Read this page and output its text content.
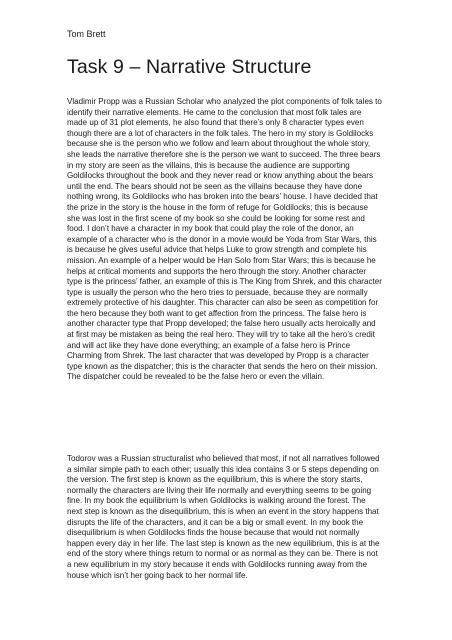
Tom Brett
Task 9 – Narrative Structure

Vladimir Propp was a Russian Scholar who analyzed the plot components of folk tales to identify their narrative elements. He came to the conclusion that most folk tales are made up of 31 plot elements, he also found that there’s only 8 character types even though there are a lot of characters in the folk tales. The hero in my story is Goldilocks because she is the person who we follow and learn about throughout the whole story, she leads the narrative therefore she is the person we want to succeed. The three bears in my story are seen as the villains, this is because the audience are supporting Goldilocks throughout the book and they never read or know anything about the bears until the end. The bears should not be seen as the villains because they have done nothing wrong, its Goldilocks who has broken into the bears’ house. I have decided that the prize in the story is the house in the form of refuge for Goldilocks; this is because she was lost in the first scene of my book so she could be looking for some rest and food. I don’t have a character in my book that could play the role of the donor, an example of a character who is the donor in a movie would be Yoda from Star Wars, this is because he gives useful advice that helps Luke to grow strength and complete his mission. An example of a helper would be Han Solo from Star Wars; this is because he helps at critical moments and supports the hero through the story. Another character type is the princess’ father, an example of this is The King from Shrek, and this character type is usually the person who the hero tries to persuade, because they are normally extremely protective of his daughter. This character can also be seen as competition for the hero because they both want to get affection from the princess. The false hero is another character type that Propp developed; the false hero usually acts heroically and at first may be mistaken as being the real hero. They will try to take all the hero’s credit and will act like they have done everything; an example of a false hero is Prince Charming from Shrek. The last character that was developed by Propp is a character type known as the dispatcher; this is the character that sends the hero on their mission. The dispatcher could be revealed to be the false hero or even the villain.

Todorov was a Russian structuralist who believed that most, if not all narratives followed a similar simple path to each other; usually this idea contains 3 or 5 steps depending on the version. The first step is known as the equilibrium, this is where the story starts, normally the characters are living their life normally and everything seems to be going fine. In my book the equilibrium is when Goldilocks is walking around the forest. The next step is known as the disequilibrium, this is when an event in the story happens that disrupts the life of the characters, and it can be a big or small event. In my book the disequilibrium is when Goldilocks finds the house because that would not normally happen every day in her life. The last step is known as the new equilibrium, this is at the end of the story where things return to normal or as normal as they can be. There is not a new equilibrium in my story because it ends with Goldilocks running away from the house which isn’t her going back to her normal life.
